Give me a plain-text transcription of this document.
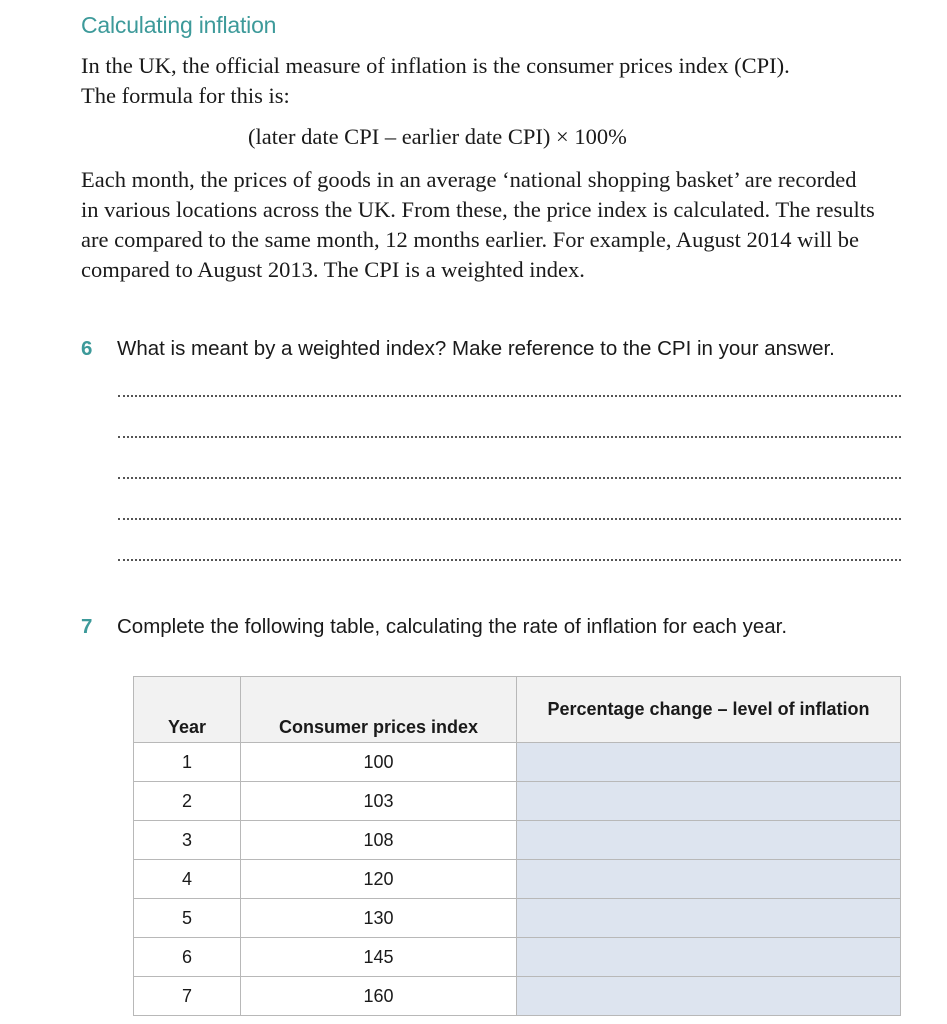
Calculating inflation
In the UK, the official measure of inflation is the consumer prices index (CPI).
The formula for this is:
(later date CPI – earlier date CPI) × 100%
Each month, the prices of goods in an average ‘national shopping basket’ are recorded
in various locations across the UK. From these, the price index is calculated. The results
are compared to the same month, 12 months earlier. For example, August 2014 will be
compared to August 2013. The CPI is a weighted index.
6 What is meant by a weighted index? Make reference to the CPI in your answer.
7 Complete the following table, calculating the rate of inflation for each year.
Year	Consumer prices index	Percentage change – level of inflation
1	100	
2	103	
3	108	
4	120	
5	130	
6	145	
7	160	
